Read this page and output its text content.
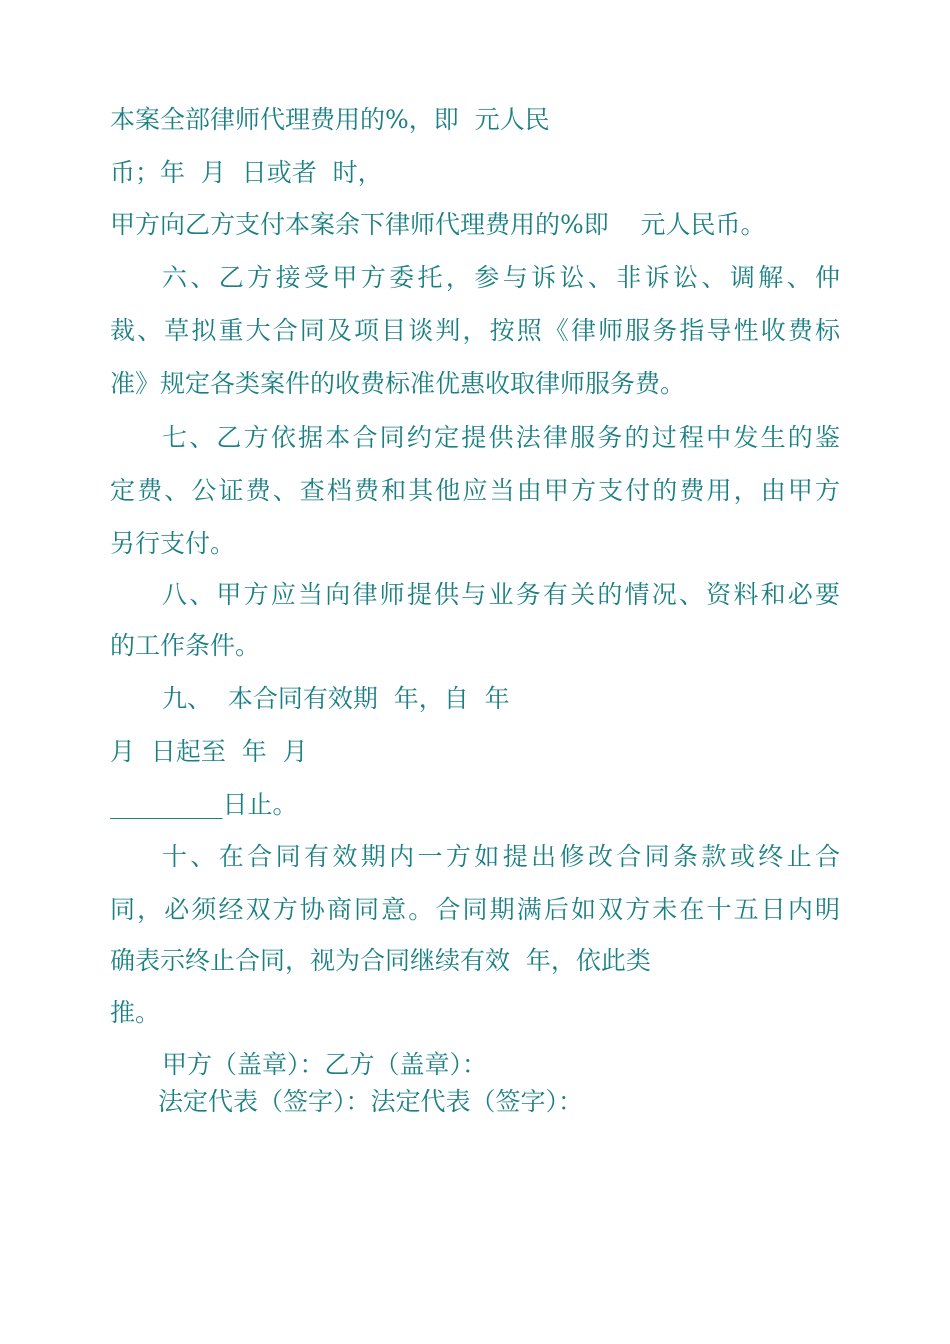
本案全部律师代理费用的%，即  元人民
币；年  月  日或者  时，
甲方向乙方支付本案余下律师代理费用的%即    元人民币。
六、乙方接受甲方委托，参与诉讼、非诉讼、调解、仲
裁、草拟重大合同及项目谈判，按照《律师服务指导性收费标
准》规定各类案件的收费标准优惠收取律师服务费。
七、乙方依据本合同约定提供法律服务的过程中发生的鉴
定费、公证费、查档费和其他应当由甲方支付的费用，由甲方
另行支付。
八、甲方应当向律师提供与业务有关的情况、资料和必要
的工作条件。
九、  本合同有效期  年，自  年
月  日起至  年  月
_________日止。
十、在合同有效期内一方如提出修改合同条款或终止合
同，必须经双方协商同意。合同期满后如双方未在十五日内明
确表示终止合同，视为合同继续有效  年，依此类
推。
甲方（盖章）：乙方（盖章）：
法定代表（签字）：法定代表（签字）：
